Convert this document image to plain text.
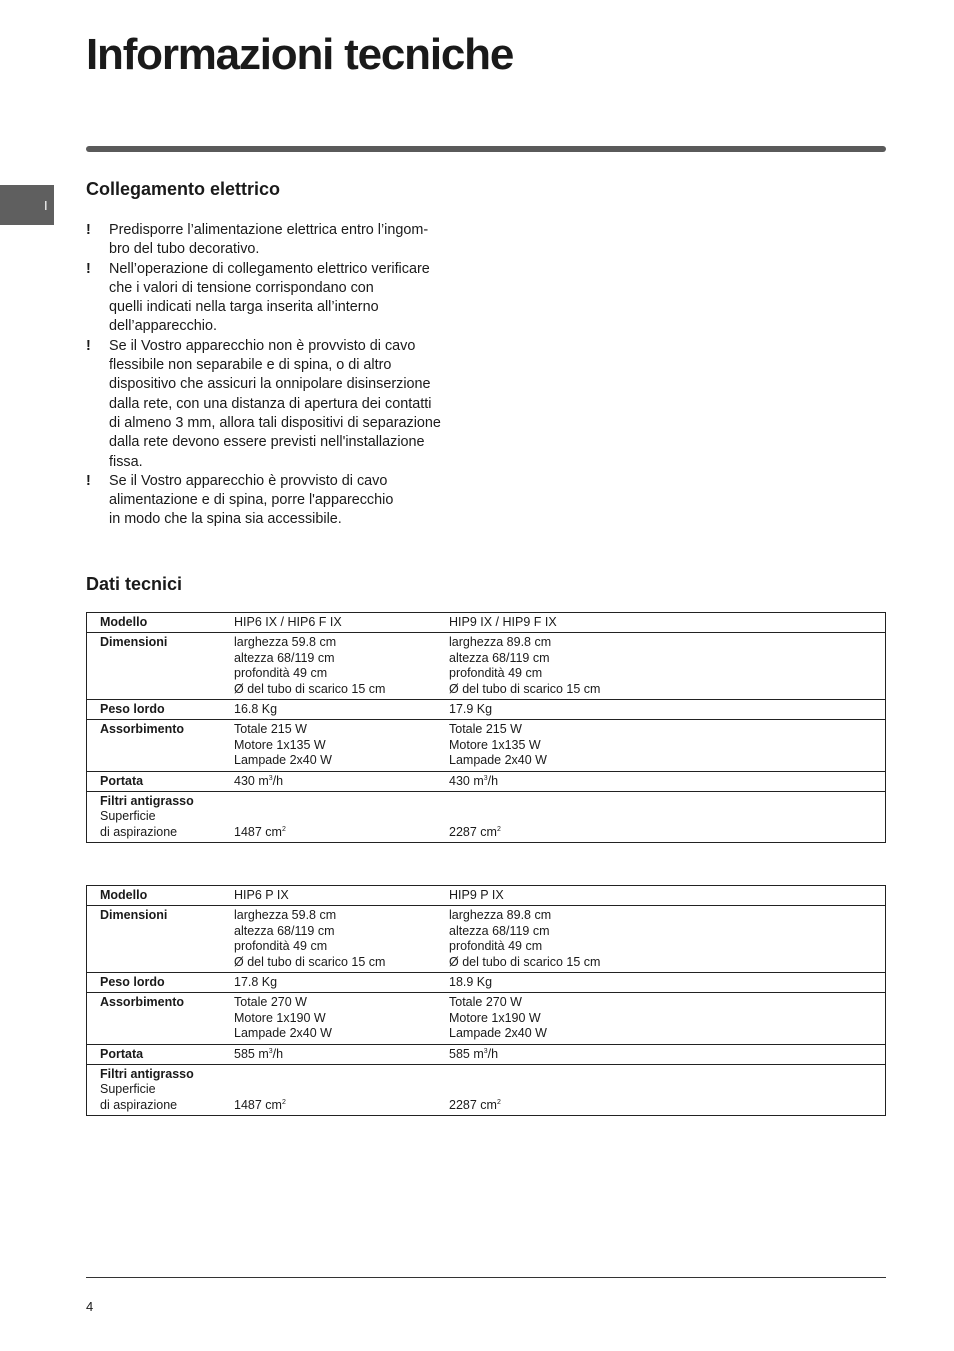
Informazioni tecniche
I
Collegamento elettrico
! Predisporre l’alimentazione elettrica entro l’ingom-
bro del tubo decorativo.
! Nell’operazione di collegamento elettrico verificare
che i valori di tensione corrispondano con
quelli indicati nella targa inserita all’interno
dell’apparecchio.
! Se il Vostro apparecchio non è provvisto di cavo
flessibile non separabile e di spina, o di altro
dispositivo che assicuri la onnipolare disinserzione
dalla rete, con una distanza di apertura dei contatti
di almeno 3 mm, allora tali dispositivi di separazione
dalla rete devono essere previsti nell'installazione
fissa.
! Se il Vostro apparecchio è provvisto di cavo
alimentazione e di spina, porre l'apparecchio
in modo che la spina sia accessibile.
Dati tecnici
Modello	HIP6 IX / HIP6 F IX	HIP9 IX / HIP9 F IX
Dimensioni	larghezza 59.8 cm
altezza 68/119 cm
profondità 49 cm
Ø del tubo di scarico 15 cm	larghezza 89.8 cm
altezza 68/119 cm
profondità 49 cm
Ø del tubo di scarico 15 cm
Peso lordo	16.8 Kg	17.9 Kg
Assorbimento	Totale 215 W
Motore 1x135 W
Lampade 2x40 W	Totale 215 W
Motore 1x135 W
Lampade 2x40 W
Portata	430 $m^3/h$	430 $m^3/h$

Filtri antigrasso
Superficie
di aspirazione	1487 $cm^2$	2287 $cm^2$
Modello	HIP6 P IX	HIP9 P IX
Dimensioni	larghezza 59.8 cm
altezza 68/119 cm
profondità 49 cm
Ø del tubo di scarico 15 cm	larghezza 89.8 cm
altezza 68/119 cm
profondità 49 cm
Ø del tubo di scarico 15 cm
Peso lordo	17.8 Kg	18.9 Kg
Assorbimento	Totale 270 W
Motore 1x190 W
Lampade 2x40 W	Totale 270 W
Motore 1x190 W
Lampade 2x40 W
Portata	585 $m^3/h$	585 $m^3/h$

Filtri antigrasso
Superficie
di aspirazione	1487 $cm^2$	2287 $cm^2$
4
